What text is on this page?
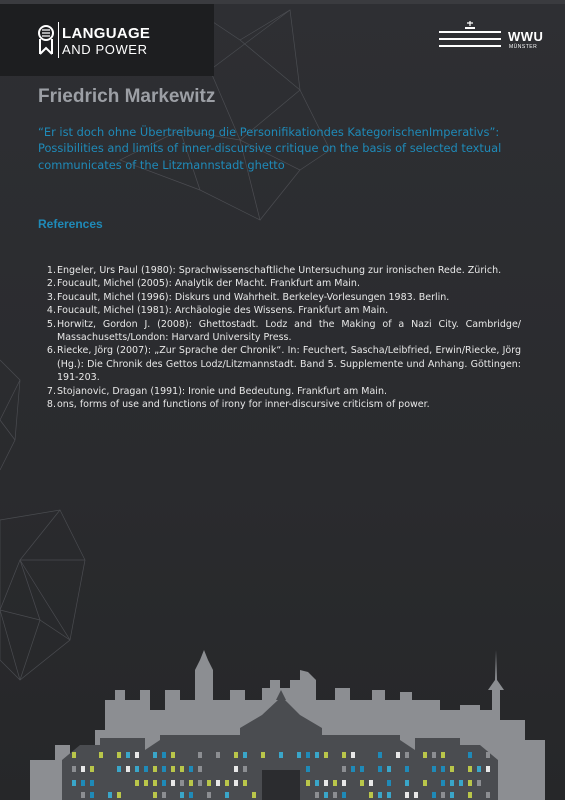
LANGUAGE
AND POWER
WWU
MÜNSTER
Friedrich Markewitz
“Er ist doch ohne Übertreibung die Personifikationdes KategorischenImperativs”: Possibilities and limits of inner-discursive critique on the basis of selected textual communicates of the Litzmannstadt ghetto
References
1. Engeler, Urs Paul (1980): Sprachwissenschaftliche Untersuchung zur ironischen Rede. Zürich.
2. Foucault, Michel (2005): Analytik der Macht. Frankfurt am Main.
3. Foucault, Michel (1996): Diskurs und Wahrheit. Berkeley-Vorlesungen 1983. Berlin.
4. Foucault, Michel (1981): Archäologie des Wissens. Frankfurt am Main.
5. Horwitz, Gordon J. (2008): Ghettostadt. Lodz and the Making of a Nazi City. Cambridge/ Massachusetts/London: Harvard University Press.
6. Riecke, Jörg (2007): „Zur Sprache der Chronik“. In: Feuchert, Sascha/Leibfried, Erwin/Riecke, Jörg (Hg.): Die Chronik des Gettos Lodz/Litzmannstadt. Band 5. Supplemente und Anhang. Göttingen: 191-203.
7. Stojanovic, Dragan (1991): Ironie und Bedeutung. Frankfurt am Main.
8. ons, forms of use and functions of irony for inner-discursive criticism of power.
